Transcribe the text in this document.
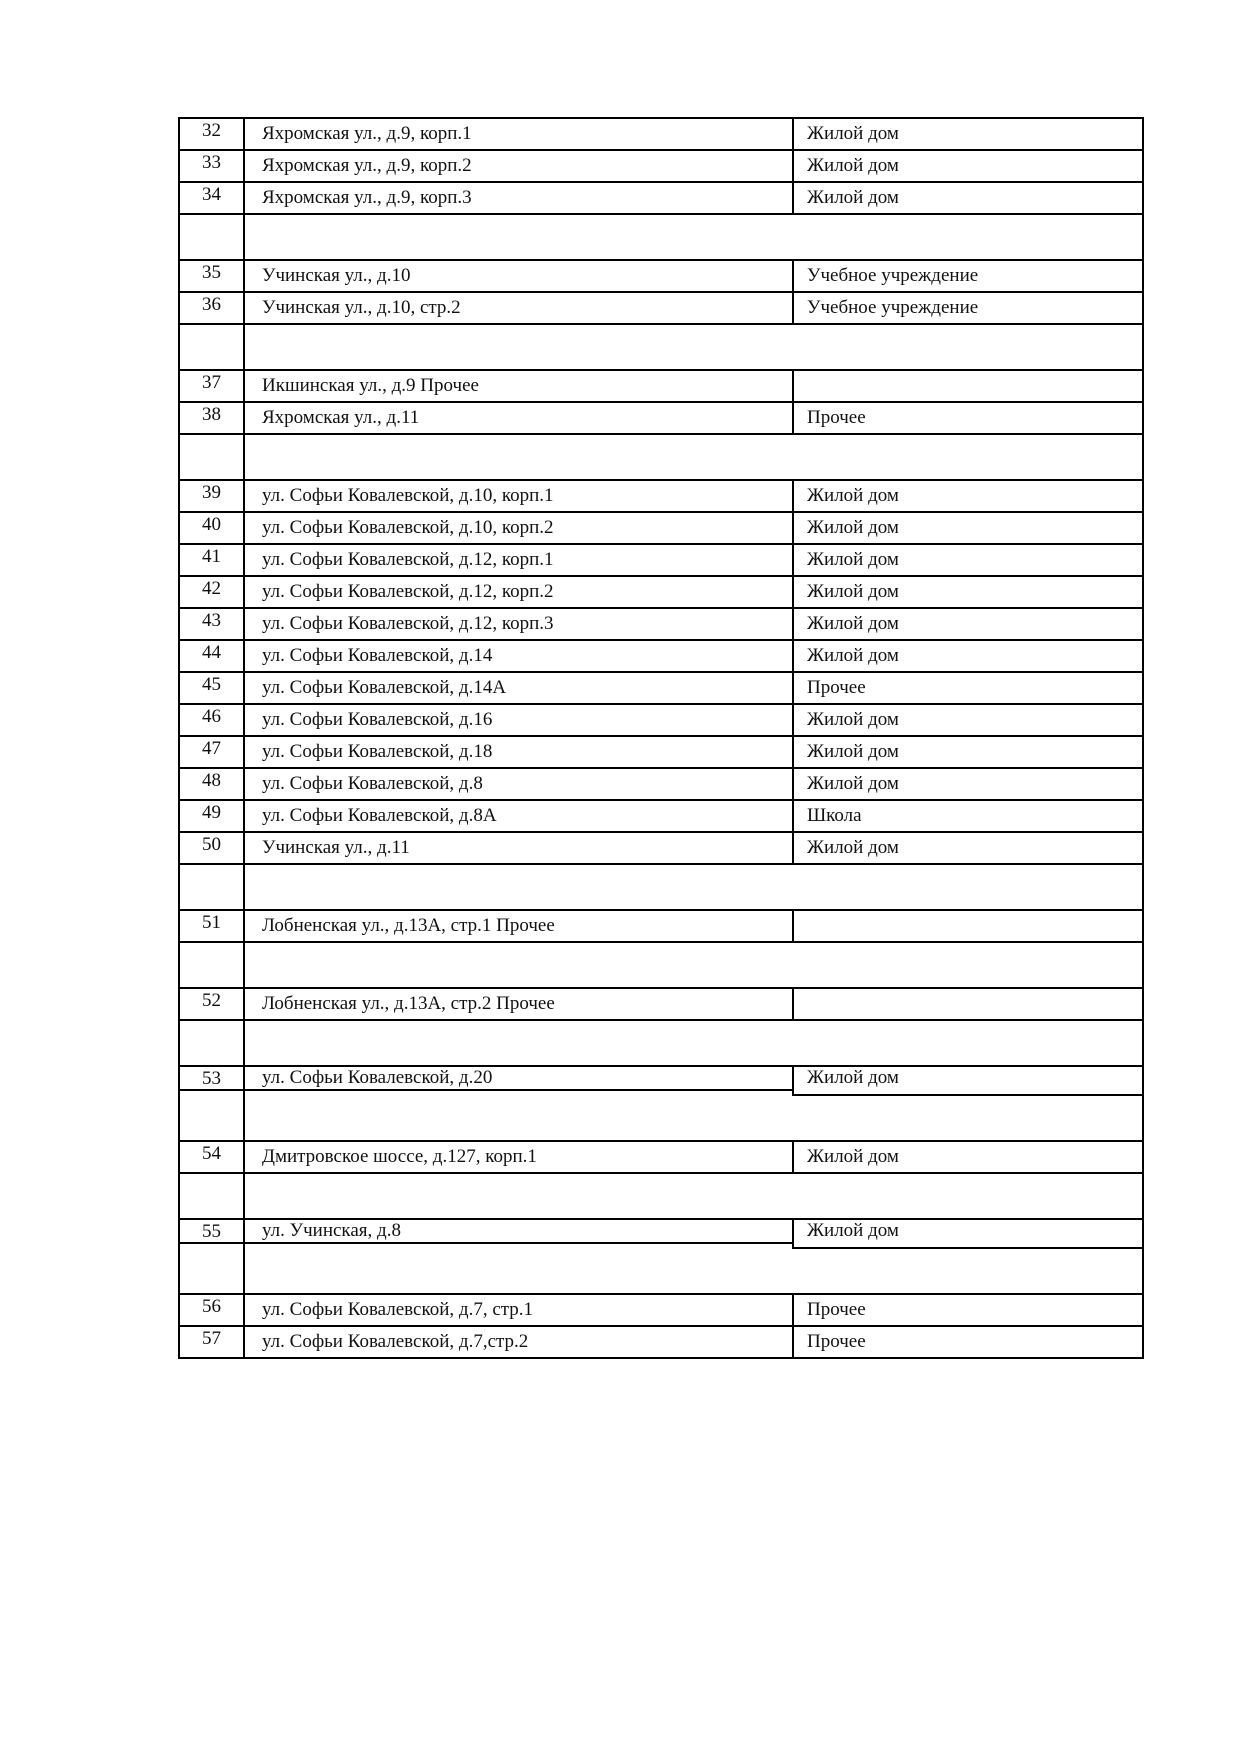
32	Яхромская ул., д.9, корп.1	Жилой дом
33	Яхромская ул., д.9, корп.2	Жилой дом
34	Яхромская ул., д.9, корп.3	Жилой дом

35	Учинская ул., д.10	Учебное учреждение
36	Учинская ул., д.10, стр.2	Учебное учреждение

37	Икшинская ул., д.9 Прочее	
38	Яхромская ул., д.11	Прочее

39	ул. Софьи Ковалевской, д.10, корп.1	Жилой дом
40	ул. Софьи Ковалевской, д.10, корп.2	Жилой дом
41	ул. Софьи Ковалевской, д.12, корп.1	Жилой дом
42	ул. Софьи Ковалевской, д.12, корп.2	Жилой дом
43	ул. Софьи Ковалевской, д.12, корп.3	Жилой дом
44	ул. Софьи Ковалевской, д.14	Жилой дом
45	ул. Софьи Ковалевской, д.14А	Прочее
46	ул. Софьи Ковалевской, д.16	Жилой дом
47	ул. Софьи Ковалевской, д.18	Жилой дом
48	ул. Софьи Ковалевской, д.8	Жилой дом
49	ул. Софьи Ковалевской, д.8А	Школа
50	Учинская ул., д.11	Жилой дом

51	Лобненская ул., д.13А, стр.1 Прочее	

52	Лобненская ул., д.13А, стр.2 Прочее	

53	ул. Софьи Ковалевской, д.20	Жилой дом

54	Дмитровское шоссе, д.127, корп.1	Жилой дом

55	ул. Учинская, д.8	Жилой дом

56	ул. Софьи Ковалевской, д.7, стр.1	Прочее
57	ул. Софьи Ковалевской, д.7,стр.2	Прочее
